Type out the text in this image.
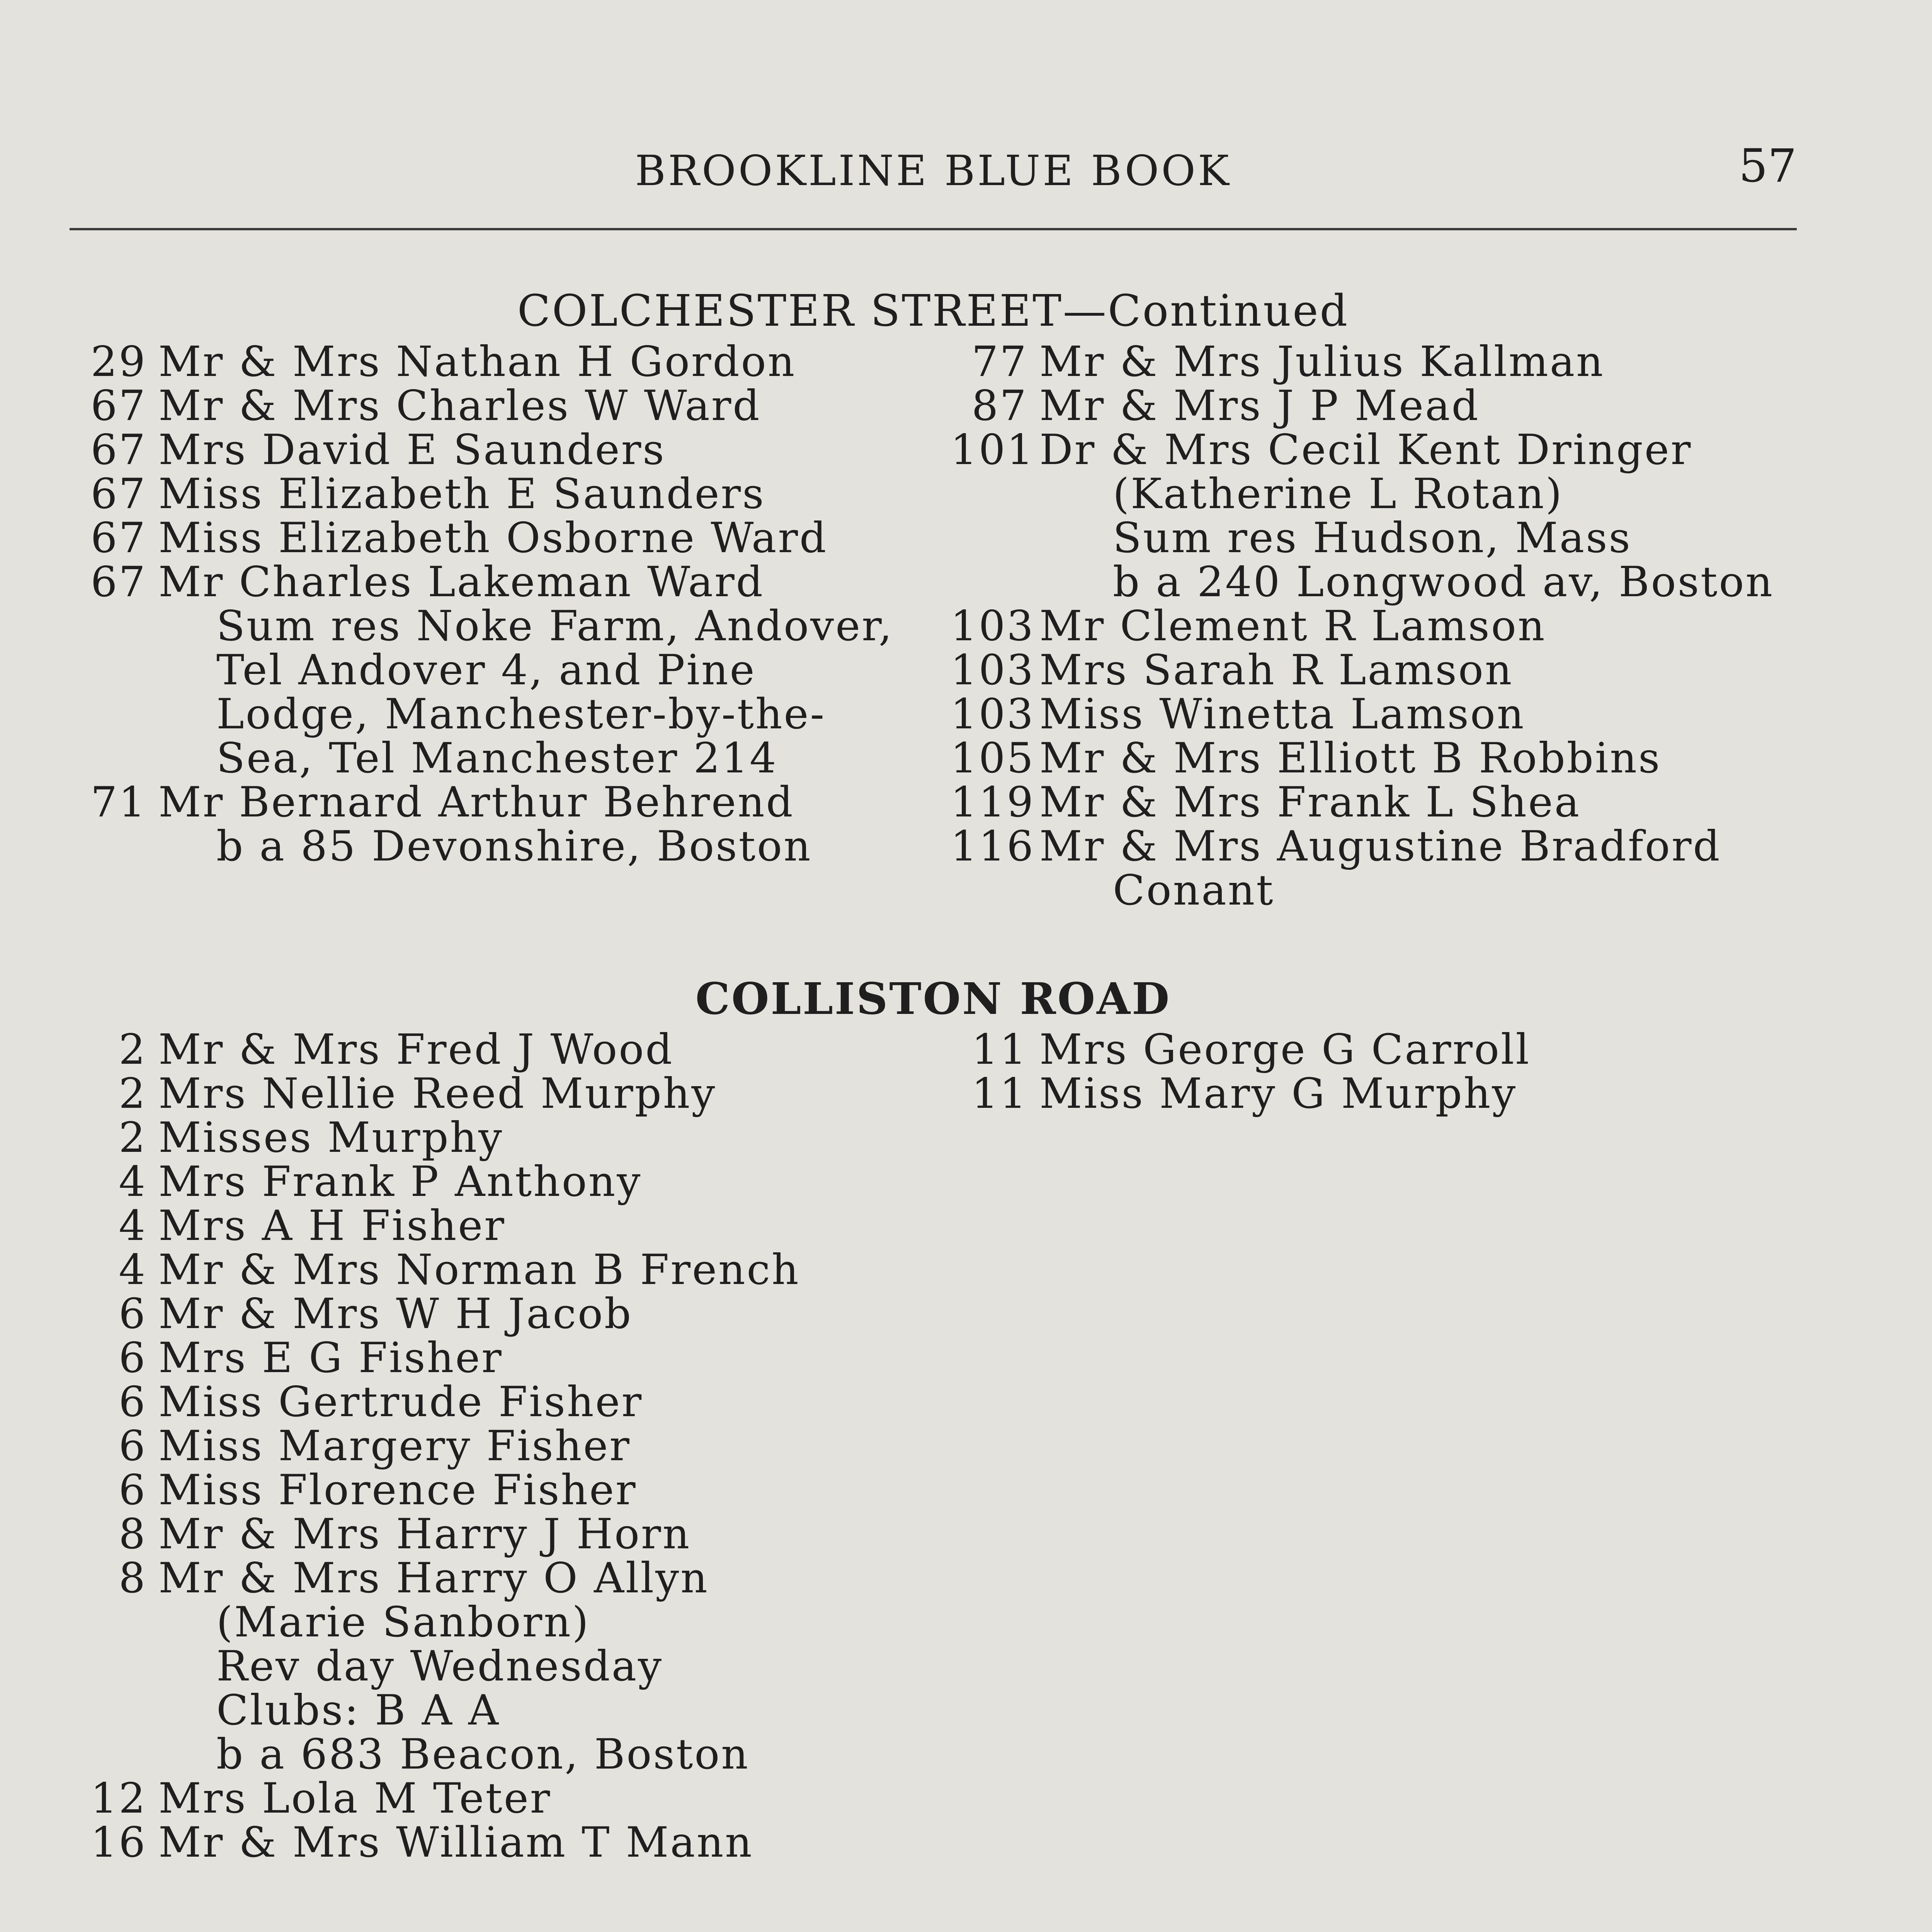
BROOKLINE BLUE BOOK	57
COLCHESTER STREET—Continued
29 Mr & Mrs Nathan H Gordon
67 Mr & Mrs Charles W Ward
67 Mrs David E Saunders
67 Miss Elizabeth E Saunders
67 Miss Elizabeth Osborne Ward
67 Mr Charles Lakeman Ward
Sum res Noke Farm, Andover,
Tel Andover 4, and Pine
Lodge, Manchester-by-the-
Sea, Tel Manchester 214
71 Mr Bernard Arthur Behrend
b a 85 Devonshire, Boston
77 Mr & Mrs Julius Kallman
87 Mr & Mrs J P Mead
101 Dr & Mrs Cecil Kent Dringer
(Katherine L Rotan)
Sum res Hudson, Mass
b a 240 Longwood av, Boston
103 Mr Clement R Lamson
103 Mrs Sarah R Lamson
103 Miss Winetta Lamson
105 Mr & Mrs Elliott B Robbins
119 Mr & Mrs Frank L Shea
116 Mr & Mrs Augustine Bradford
Conant
COLLISTON ROAD
2 Mr & Mrs Fred J Wood
2 Mrs Nellie Reed Murphy
2 Misses Murphy
4 Mrs Frank P Anthony
4 Mrs A H Fisher
4 Mr & Mrs Norman B French
6 Mr & Mrs W H Jacob
6 Mrs E G Fisher
6 Miss Gertrude Fisher
6 Miss Margery Fisher
6 Miss Florence Fisher
8 Mr & Mrs Harry J Horn
8 Mr & Mrs Harry O Allyn
(Marie Sanborn)
Rev day Wednesday
Clubs: B A A
b a 683 Beacon, Boston
12 Mrs Lola M Teter
16 Mr & Mrs William T Mann
11 Mrs George G Carroll
11 Miss Mary G Murphy
